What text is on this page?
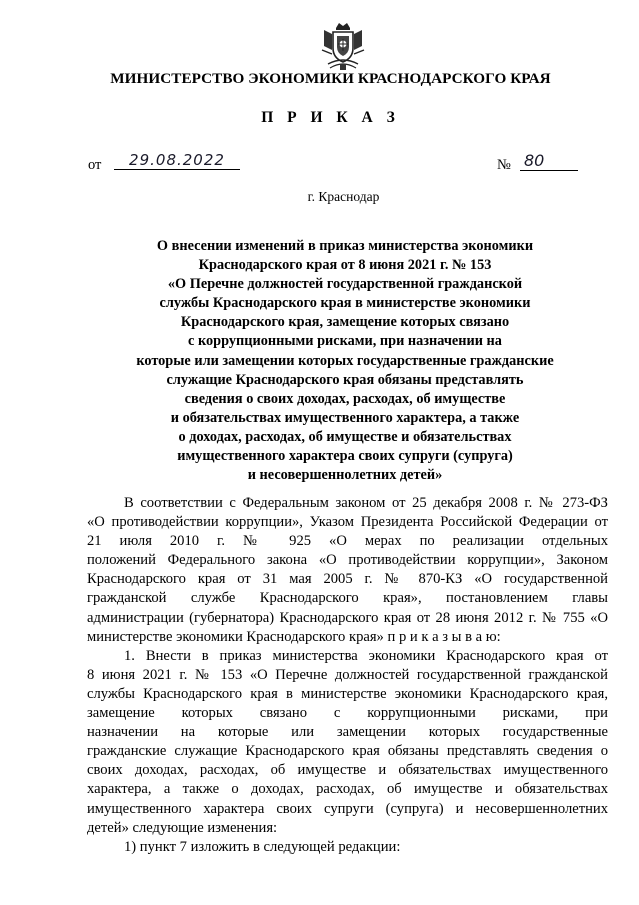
МИНИСТЕРСТВО ЭКОНОМИКИ КРАСНОДАРСКОГО КРАЯ
П Р И К А З
от	29.08.2022	№ 80
г. Краснодар
О внесении изменений в приказ министерства экономики
Краснодарского края от 8 июня 2021 г. № 153
«О Перечне должностей государственной гражданской
службы Краснодарского края в министерстве экономики
Краснодарского края, замещение которых связано
с коррупционными рисками, при назначении на
которые или замещении которых государственные гражданские
служащие Краснодарского края обязаны представлять
сведения о своих доходах, расходах, об имуществе
и обязательствах имущественного характера, а также
о доходах, расходах, об имуществе и обязательствах
имущественного характера своих супруги (супруга)
и несовершеннолетних детей»
В соответствии с Федеральным законом от 25 декабря 2008 г. № 273-ФЗ
«О противодействии коррупции», Указом Президента Российской Федерации от
21 июля 2010 г. № 925 «О мерах по реализации отдельных
положений Федерального закона «О противодействии коррупции», Законом
Краснодарского края от 31 мая 2005 г. № 870-КЗ «О государственной
гражданской службе Краснодарского края», постановлением главы
администрации (губернатора) Краснодарского края от 28 июня 2012 г. № 755 «О
министерстве экономики Краснодарского края» п р и к а з ы в а ю:
1. Внести в приказ министерства экономики Краснодарского края от
8 июня 2021 г. № 153 «О Перечне должностей государственной гражданской
службы Краснодарского края в министерстве экономики Краснодарского края,
замещение которых связано с коррупционными рисками, при
назначении на которые или замещении которых государственные
гражданские служащие Краснодарского края обязаны представлять сведения о
своих доходах, расходах, об имуществе и обязательствах имущественного
характера, а также о доходах, расходах, об имуществе и обязательствах
имущественного характера своих супруги (супруга) и несовершеннолетних
детей» следующие изменения:
1) пункт 7 изложить в следующей редакции:
